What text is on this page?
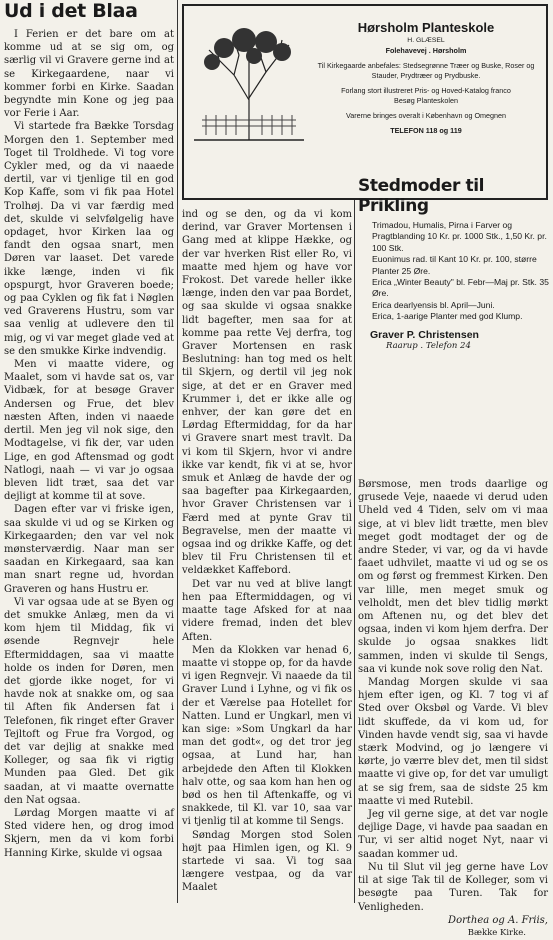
Ud i det Blaa

I Ferien er det bare om at komme ud at se sig om, og særlig vil vi Gravere gerne ind at se Kirkegaardene, naar vi kommer forbi en Kirke. Saadan begyndte min Kone og jeg paa vor Ferie i Aar.

Vi startede fra Bække Torsdag Morgen den 1. September med Toget til Troldhede. Vi tog vore Cykler med, og da vi naaede dertil, var vi tjenlige til en god Kop Kaffe, som vi fik paa Hotel Trolhøj. Da vi var færdig med det, skulde vi selvfølgelig have opdaget, hvor Kirken laa og fandt den ogsaa snart, men Døren var laaset. Det varede ikke længe, inden vi fik opspurgt, hvor Graveren boede; og paa Cyklen og fik fat i Nøglen ved Graverens Hustru, som var saa venlig at udlevere den til mig, og vi var meget glade ved at se den smukke Kirke indvendig.

Men vi maatte videre, og Maalet, som vi havde sat os, var Vidbæk, for at besøge Graver Andersen og Frue, det blev næsten Aften, inden vi naaede dertil. Men jeg vil nok sige, den Modtagelse, vi fik der, var uden Lige, en god Aftensmad og godt Natlogi, naah — vi var jo ogsaa bleven lidt træt, saa det var dejligt at komme til at sove.

Dagen efter var vi friske igen, saa skulde vi ud og se Kirken og Kirkegaarden; den var vel nok mønsterværdig. Naar man ser saadan en Kirkegaard, saa kan man snart regne ud, hvordan Graveren og hans Hustru er.

Vi var ogsaa ude at se Byen og det smukke Anlæg, men da vi kom hjem til Middag, fik vi øsende Regnvejr hele Eftermiddagen, saa vi maatte holde os inden for Døren, men det gjorde ikke noget, for vi havde nok at snakke om, og saa til Aften fik Andersen fat i Telefonen, fik ringet efter Graver Tejltoft og Frue fra Vorgod, og det var dejlig at snakke med Kolleger, og saa fik vi rigtig Munden paa Gled. Det gik saadan, at vi maatte overnatte den Nat ogsaa.

Lørdag Morgen maatte vi af Sted videre hen, og drog imod Skjern, men da vi kom forbi Hanning Kirke, skulde vi ogsaa

Hørsholm Planteskole
H. GLÆSEL
Folehavevej . Hørsholm
Til Kirkegaarde anbefales: Stedsegrønne Træer og Buske, Roser og Stauder, Prydtræer og Prydbuske.
Forlang stort illustreret Pris- og Hoved-Katalog franco
Besøg Planteskolen
Varerne bringes overalt i København og Omegnen
TELEFON 118 og 119

ind og se den, og da vi kom derind, var Graver Mortensen i Gang med at klippe Hække, og der var hverken Rist eller Ro, vi maatte med hjem og have vor Frokost. Det varede heller ikke længe, inden den var paa Bordet, og saa skulde vi ogsaa snakke lidt bagefter, men saa for at komme paa rette Vej derfra, tog Graver Mortensen en rask Beslutning: han tog med os helt til Skjern, og dertil vil jeg nok sige, at det er en Graver med Krummer i, det er ikke alle og enhver, der kan gøre det en Lørdag Eftermiddag, for da har vi Gravere snart mest travlt. Da vi kom til Skjern, hvor vi andre ikke var kendt, fik vi at se, hvor smuk et Anlæg de havde der og saa bagefter paa Kirkegaarden, hvor Graver Christensen var i Færd med at pynte Grav til Begravelse, men der maatte vi ogsaa ind og drikke Kaffe, og det blev til Fru Christensen til et veldækket Kaffebord.

Det var nu ved at blive langt hen paa Eftermiddagen, og vi maatte tage Afsked for at naa videre fremad, inden det blev Aften.

Men da Klokken var henad 6, maatte vi stoppe op, for da havde vi igen Regnvejr. Vi naaede da til Graver Lund i Lyhne, og vi fik os der et Værelse paa Hotellet for Natten. Lund er Ungkarl, men vi kan sige: »Som Ungkarl da har man det godt«, og det tror jeg ogsaa, at Lund har, han arbejdede den Aften til Klokken halv otte, og saa kom han hen og bød os hen til Aftenkaffe, og vi snakkede, til Kl. var 10, saa var vi tjenlig til at komme til Sengs.

Søndag Morgen stod Solen højt paa Himlen igen, og Kl. 9 startede vi saa. Vi tog saa længere vestpaa, og da var Maalet

Stedmoder til Prikling
Trimadou, Humalis, Pirna i Farver og Pragtblanding 10 Kr. pr. 1000 Stk., 1,50 Kr. pr. 100 Stk.
Euonimus rad. til Kant 10 Kr. pr. 100, større Planter 25 Øre.
Erica „Winter Beauty" bl. Febr—Maj pr. Stk. 35 Øre.
Erica dearlyensis bl. April—Juni.
Erica, 1-aarige Planter med god Klump.
Graver P. Christensen
Raarup . Telefon 24

Børsmose, men trods daarlige og grusede Veje, naaede vi derud uden Uheld ved 4 Tiden, selv om vi maa sige, at vi blev lidt trætte, men blev meget godt modtaget der og de andre Steder, vi var, og da vi havde faaet udhvilet, maatte vi ud og se os om og først og fremmest Kirken. Den var lille, men meget smuk og velholdt, men det blev tidlig mørkt om Aftenen nu, og det blev det ogsaa, inden vi kom hjem derfra. Der skulde jo ogsaa snakkes lidt sammen, inden vi skulde til Sengs, saa vi kunde nok sove rolig den Nat.

Mandag Morgen skulde vi saa hjem efter igen, og Kl. 7 tog vi af Sted over Oksbøl og Varde. Vi blev lidt skuffede, da vi kom ud, for Vinden havde vendt sig, saa vi havde stærk Modvind, og jo længere vi kørte, jo værre blev det, men til sidst maatte vi give op, for det var umuligt at se sig frem, saa de sidste 25 km maatte vi med Rutebil.

Jeg vil gerne sige, at det var nogle dejlige Dage, vi havde paa saadan en Tur, vi ser altid noget Nyt, naar vi saadan kommer ud.

Nu til Slut vil jeg gerne have Lov til at sige Tak til de Kolleger, som vi besøgte paa Turen. Tak for Venligheden.

Dorthea og A. Friis,
Bække Kirke.
